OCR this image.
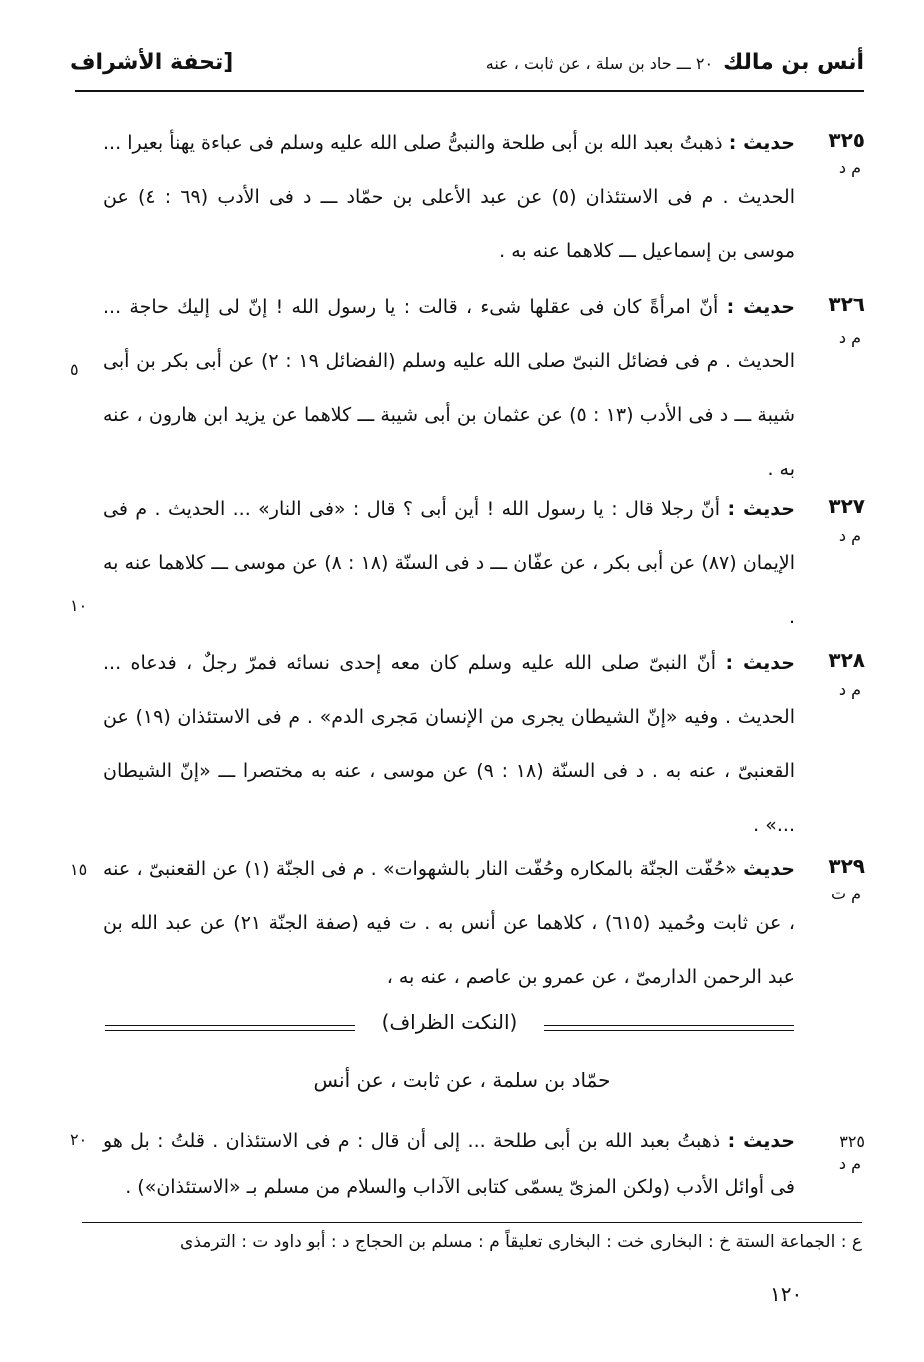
أنس بن مالك
٢٠ ـــ حاد بن سلة ، عن ثابت ، عنه
[تحفة الأشراف
٣٢٥
م د
حديث : ذهبتُ بعبد الله بن أبى طلحة والنبىُّ صلى الله عليه وسلم فى عباءة يهنأ بعيرا ... الحديث . م فى الاستئذان (٥) عن عبد الأعلى بن حمّاد ـــ د فى الأدب (٦٩ : ٤) عن موسى بن إسماعيل ـــ كلاهما عنه به .
٣٢٦
م د
حديث : أنّ امرأةً كان فى عقلها شىء ، قالت : يا رسول الله ! إنّ لى إليك حاجة ... الحديث . م فى فضائل النبىّ صلى الله عليه وسلم (الفضائل ١٩ : ٢) عن أبى بكر بن أبى شيبة ـــ د فى الأدب (١٣ : ٥) عن عثمان بن أبى شيبة ـــ كلاهما عن يزيد ابن هارون ، عنه به .
٣٢٧
م د
حديث : أنّ رجلا قال : يا رسول الله ! أين أبى ؟ قال : «فى النار» ... الحديث . م فى الإيمان (٨٧) عن أبى بكر ، عن عفّان ـــ د فى السنّة (١٨ : ٨) عن موسى ـــ كلاهما عنه به .
٣٢٨
م د
حديث : أنّ النبىّ صلى الله عليه وسلم كان معه إحدى نسائه فمرّ رجلٌ ، فدعاه ... الحديث . وفيه «إنّ الشيطان يجرى من الإنسان مَجرى الدم» . م فى الاستئذان (١٩) عن القعنبىّ ، عنه به . د فى السنّة (١٨ : ٩) عن موسى ، عنه به مختصرا ـــ «إنّ الشيطان ...» .
٣٢٩
م ت
حديث «حُفّت الجنّة بالمكاره وحُفّت النار بالشهوات» . م فى الجنّة (١) عن القعنبىّ ، عنه ، عن ثابت وحُميد (٦١٥) ، كلاهما عن أنس به . ت فيه (صفة الجنّة ٢١) عن عبد الله بن عبد الرحمن الدارمىّ ، عن عمرو بن عاصم ، عنه به ،
٥
١٠
١٥
٢٠
(النكت الظراف)
حمّاد بن سلمة ، عن ثابت ، عن أنس
٣٢٥
م د
حديث : ذهبتُ بعبد الله بن أبى طلحة ... إلى أن قال : م فى الاستئذان . قلتُ : بل هو فى أوائل الأدب (ولكن المزىّ يسمّى كتابى الآداب والسلام من مسلم بـ «الاستئذان») .
ع : الجماعة الستة خ : البخارى خت : البخارى تعليقاً م : مسلم بن الحجاج د : أبو داود ت : الترمذى
١٢٠
